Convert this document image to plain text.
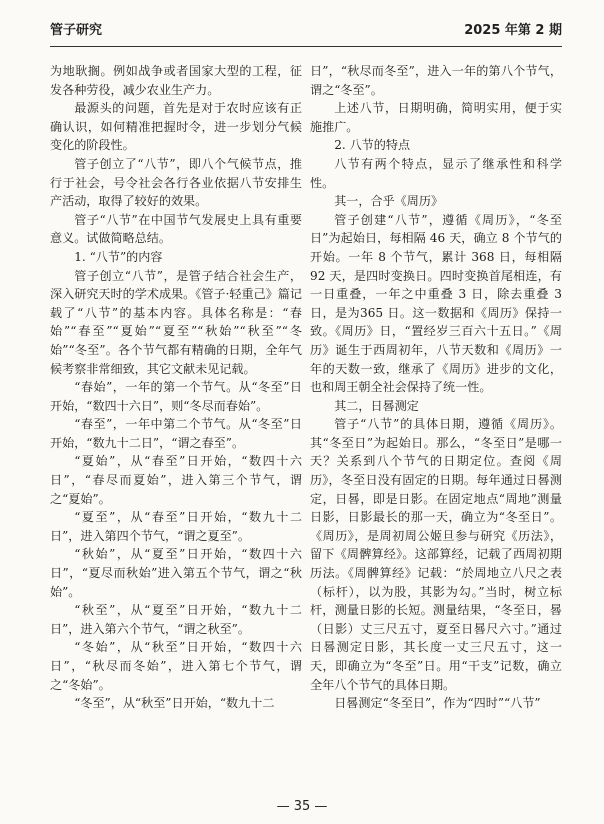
管子研究	2025 年第 2 期

为地耿搁。例如战争或者国家大型的工程，征发各种劳役，减少农业生产力。

最源头的问题，首先是对于农时应该有正确认识，如何精准把握时令，进一步划分气候变化的阶段性。

管子创立了“八节”，即八个气候节点，推行于社会，号令社会各行各业依据八节安排生产活动，取得了较好的效果。

管子“八节”在中国节气发展史上具有重要意义。试做简略总结。

1. “八节”的内容

管子创立“八节”，是管子结合社会生产，深入研究天时的学术成果。《管子·轻重己》篇记载了“八节”的基本内容。具体名称是：“春始”“春至”“夏始”“夏至”“秋始”“秋至”“冬始”“冬至”。各个节气都有精确的日期，全年气候考察非常细致，其它文献未见记载。

“春始”，一年的第一个节气。从“冬至”日开始，“数四十六日”，则“冬尽而春始”。

“春至”，一年中第二个节气。从“冬至”日开始，“数九十二日”，“谓之春至”。

“夏始”，从“春至”日开始，“数四十六日”，“春尽而夏始”，进入第三个节气，谓之“夏始”。

“夏至”，从“春至”日开始，“数九十二日”，进入第四个节气，“谓之夏至”。

“秋始”，从“夏至”日开始，“数四十六日”，“夏尽而秋始”进入第五个节气，谓之“秋始”。

“秋至”，从“夏至”日开始，“数九十二日”，进入第六个节气，“谓之秋至”。

“冬始”，从“秋至”日开始，“数四十六日”，“秋尽而冬始”，进入第七个节气，谓之“冬始”。

“冬至”，从“秋至”日开始，“数九十二

日”，“秋尽而冬至”，进入一年的第八个节气，谓之“冬至”。

上述八节，日期明确，简明实用，便于实施推广。

2. 八节的特点

八节有两个特点，显示了继承性和科学性。

其一，合乎《周历》

管子创建“八节”，遵循《周历》，“冬至日”为起始日，每相隔 46 天，确立 8 个节气的开始。一年 8 个节气，累计 368 日，每相隔 92 天，是四时变换日。四时变换首尾相连，有一日重叠，一年之中重叠 3 日，除去重叠 3 日，是为365 日。这一数据和《周历》保持一致。《周历》日，“置经岁三百六十五日。”《周历》诞生于西周初年，八节天数和《周历》一年的天数一致，继承了《周历》进步的文化，也和周王朝全社会保持了统一性。

其二，日晷测定

管子“八节”的具体日期，遵循《周历》。其“冬至日”为起始日。那么，“冬至日”是哪一天？关系到八个节气的日期定位。查阅《周历》，冬至日没有固定的日期。每年通过日晷测定，日晷，即是日影。在固定地点“周地”测量日影，日影最长的那一天，确立为“冬至日”。《周历》，是周初周公姬旦参与研究《历法》，留下《周髀算经》。这部算经，记载了西周初期历法。《周髀算经》记载：“於周地立八尺之表（标杆），以为股，其影为勾。”当时，树立标杆，测量日影的长短。测量结果，“冬至日，晷（日影）丈三尺五寸，夏至日晷尺六寸。”通过日晷测定日影，其长度一丈三尺五寸，这一天，即确立为“冬至”日。用“干支”记数，确立全年八个节气的具体日期。

日晷测定“冬至日”，作为“四时”“八节”

— 35 —
